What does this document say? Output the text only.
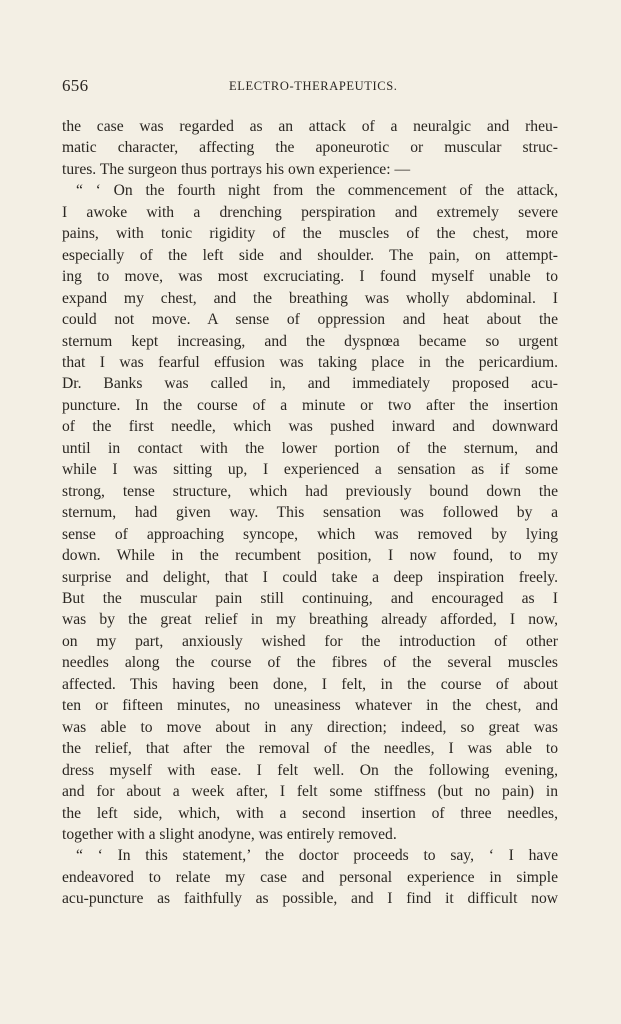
656	ELECTRO-THERAPEUTICS.
the case was regarded as an attack of a neuralgic and rheu-
matic character, affecting the aponeurotic or muscular struc-
tures. The surgeon thus portrays his own experience: —
“ ‘ On the fourth night from the commencement of the attack,
I awoke with a drenching perspiration and extremely severe
pains, with tonic rigidity of the muscles of the chest, more
especially of the left side and shoulder. The pain, on attempt-
ing to move, was most excruciating. I found myself unable to
expand my chest, and the breathing was wholly abdominal. I
could not move. A sense of oppression and heat about the
sternum kept increasing, and the dyspnœa became so urgent
that I was fearful effusion was taking place in the pericardium.
Dr. Banks was called in, and immediately proposed acu-
puncture. In the course of a minute or two after the insertion
of the first needle, which was pushed inward and downward
until in contact with the lower portion of the sternum, and
while I was sitting up, I experienced a sensation as if some
strong, tense structure, which had previously bound down the
sternum, had given way. This sensation was followed by a
sense of approaching syncope, which was removed by lying
down. While in the recumbent position, I now found, to my
surprise and delight, that I could take a deep inspiration freely.
But the muscular pain still continuing, and encouraged as I
was by the great relief in my breathing already afforded, I now,
on my part, anxiously wished for the introduction of other
needles along the course of the fibres of the several muscles
affected. This having been done, I felt, in the course of about
ten or fifteen minutes, no uneasiness whatever in the chest, and
was able to move about in any direction; indeed, so great was
the relief, that after the removal of the needles, I was able to
dress myself with ease. I felt well. On the following evening,
and for about a week after, I felt some stiffness (but no pain) in
the left side, which, with a second insertion of three needles,
together with a slight anodyne, was entirely removed.
“ ‘ In this statement,’ the doctor proceeds to say, ‘ I have
endeavored to relate my case and personal experience in simple
acu-puncture as faithfully as possible, and I find it difficult now
